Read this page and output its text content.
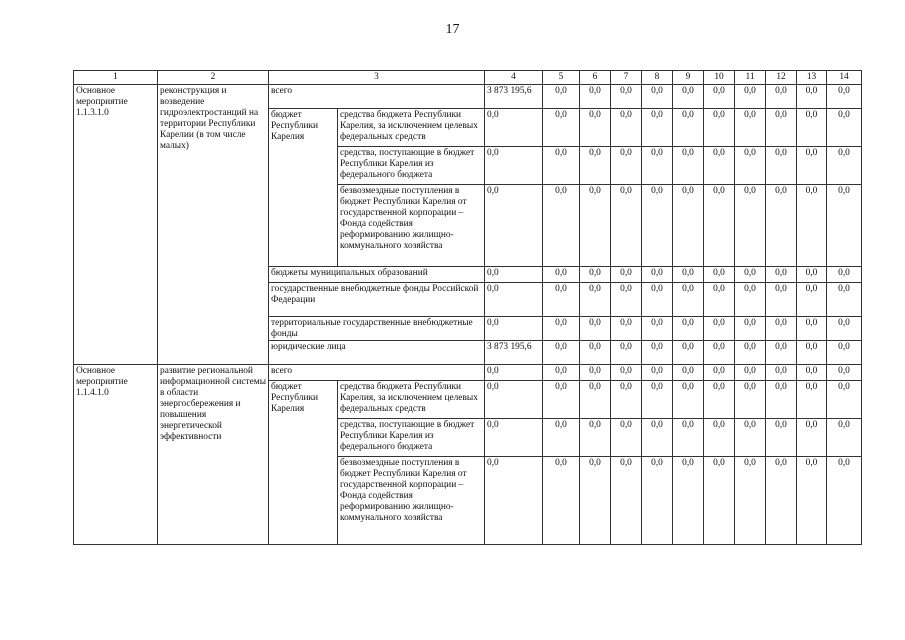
17
1	2	3		4	5	6	7	8	9	10	11	12	13	14
Основное мероприятие 1.1.3.1.0	реконструкция и возведение гидроэлектростанций на территории Республики Карелии (в том числе малых)	всего		3 873 195,6	0,0	0,0	0,0	0,0	0,0	0,0	0,0	0,0	0,0	0,0
		бюджет Республики Карелия	средства бюджета Республики Карелия, за исключением целевых федеральных средств	0,0	0,0	0,0	0,0	0,0	0,0	0,0	0,0	0,0	0,0	0,0
			средства, поступающие в бюджет Республики Карелия из федерального бюджета	0,0	0,0	0,0	0,0	0,0	0,0	0,0	0,0	0,0	0,0	0,0
			безвозмездные поступления в бюджет Республики Карелия от государственной корпорации – Фонда содействия реформированию жилищно-коммунального хозяйства	0,0	0,0	0,0	0,0	0,0	0,0	0,0	0,0	0,0	0,0	0,0
		бюджеты муниципальных образований		0,0	0,0	0,0	0,0	0,0	0,0	0,0	0,0	0,0	0,0	0,0
		государственные внебюджетные фонды Российской Федерации		0,0	0,0	0,0	0,0	0,0	0,0	0,0	0,0	0,0	0,0	0,0
		территориальные государственные внебюджетные фонды		0,0	0,0	0,0	0,0	0,0	0,0	0,0	0,0	0,0	0,0	0,0
		юридические лица		3 873 195,6	0,0	0,0	0,0	0,0	0,0	0,0	0,0	0,0	0,0	0,0
Основное мероприятие 1.1.4.1.0	развитие региональной информационной системы в области энергосбережения и повышения энергетической эффективности	всего		0,0	0,0	0,0	0,0	0,0	0,0	0,0	0,0	0,0	0,0	0,0
		бюджет Республики Карелия	средства бюджета Республики Карелия, за исключением целевых федеральных средств	0,0	0,0	0,0	0,0	0,0	0,0	0,0	0,0	0,0	0,0	0,0
			средства, поступающие в бюджет Республики Карелия из федерального бюджета	0,0	0,0	0,0	0,0	0,0	0,0	0,0	0,0	0,0	0,0	0,0
			безвозмездные поступления в бюджет Республики Карелия от государственной корпорации – Фонда содействия реформированию жилищно-коммунального хозяйства	0,0	0,0	0,0	0,0	0,0	0,0	0,0	0,0	0,0	0,0	0,0
